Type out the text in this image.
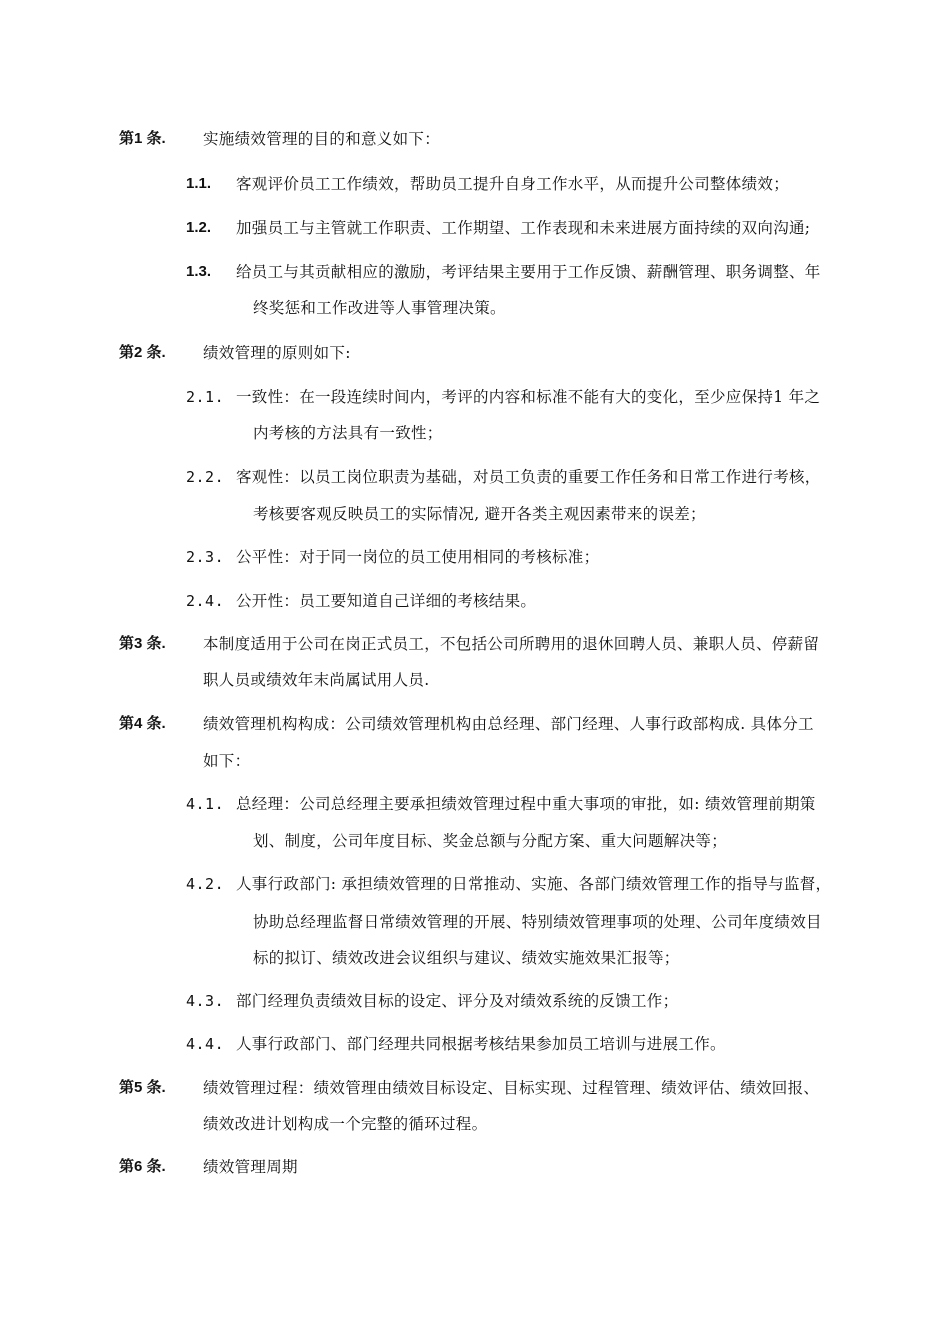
第1 条. 实施绩效管理的目的和意义如下：
1.1. 客观评价员工工作绩效，帮助员工提升自身工作水平，从而提升公司整体绩效；
1.2. 加强员工与主管就工作职责、工作期望、工作表现和未来进展方面持续的双向沟通;
1.3. 给员工与其贡献相应的激励，考评结果主要用于工作反馈、薪酬管理、职务调整、年
终奖惩和工作改进等人事管理决策。
第2 条. 绩效管理的原则如下:
2.1. 一致性：在一段连续时间内，考评的内容和标准不能有大的变化，至少应保持1 年之
内考核的方法具有一致性；
2.2. 客观性：以员工岗位职责为基础，对员工负责的重要工作任务和日常工作进行考核，
考核要客观反映员工的实际情况, 避开各类主观因素带来的误差；
2.3. 公平性：对于同一岗位的员工使用相同的考核标准；
2.4. 公开性：员工要知道自己详细的考核结果。
第3 条. 本制度适用于公司在岗正式员工，不包括公司所聘用的退休回聘人员、兼职人员、停薪留
职人员或绩效年末尚属试用人员.
第4 条. 绩效管理机构构成：公司绩效管理机构由总经理、部门经理、人事行政部构成. 具体分工
如下：
4.1. 总经理：公司总经理主要承担绩效管理过程中重大事项的审批，如: 绩效管理前期策
划、制度，公司年度目标、奖金总额与分配方案、重大问题解决等；
4.2. 人事行政部门: 承担绩效管理的日常推动、实施、各部门绩效管理工作的指导与监督，
协助总经理监督日常绩效管理的开展、特别绩效管理事项的处理、公司年度绩效目
标的拟订、绩效改进会议组织与建议、绩效实施效果汇报等；
4.3. 部门经理负责绩效目标的设定、评分及对绩效系统的反馈工作；
4.4. 人事行政部门、部门经理共同根据考核结果参加员工培训与进展工作。
第5 条. 绩效管理过程：绩效管理由绩效目标设定、目标实现、过程管理、绩效评估、绩效回报、
绩效改进计划构成一个完整的循环过程。
第6 条. 绩效管理周期
